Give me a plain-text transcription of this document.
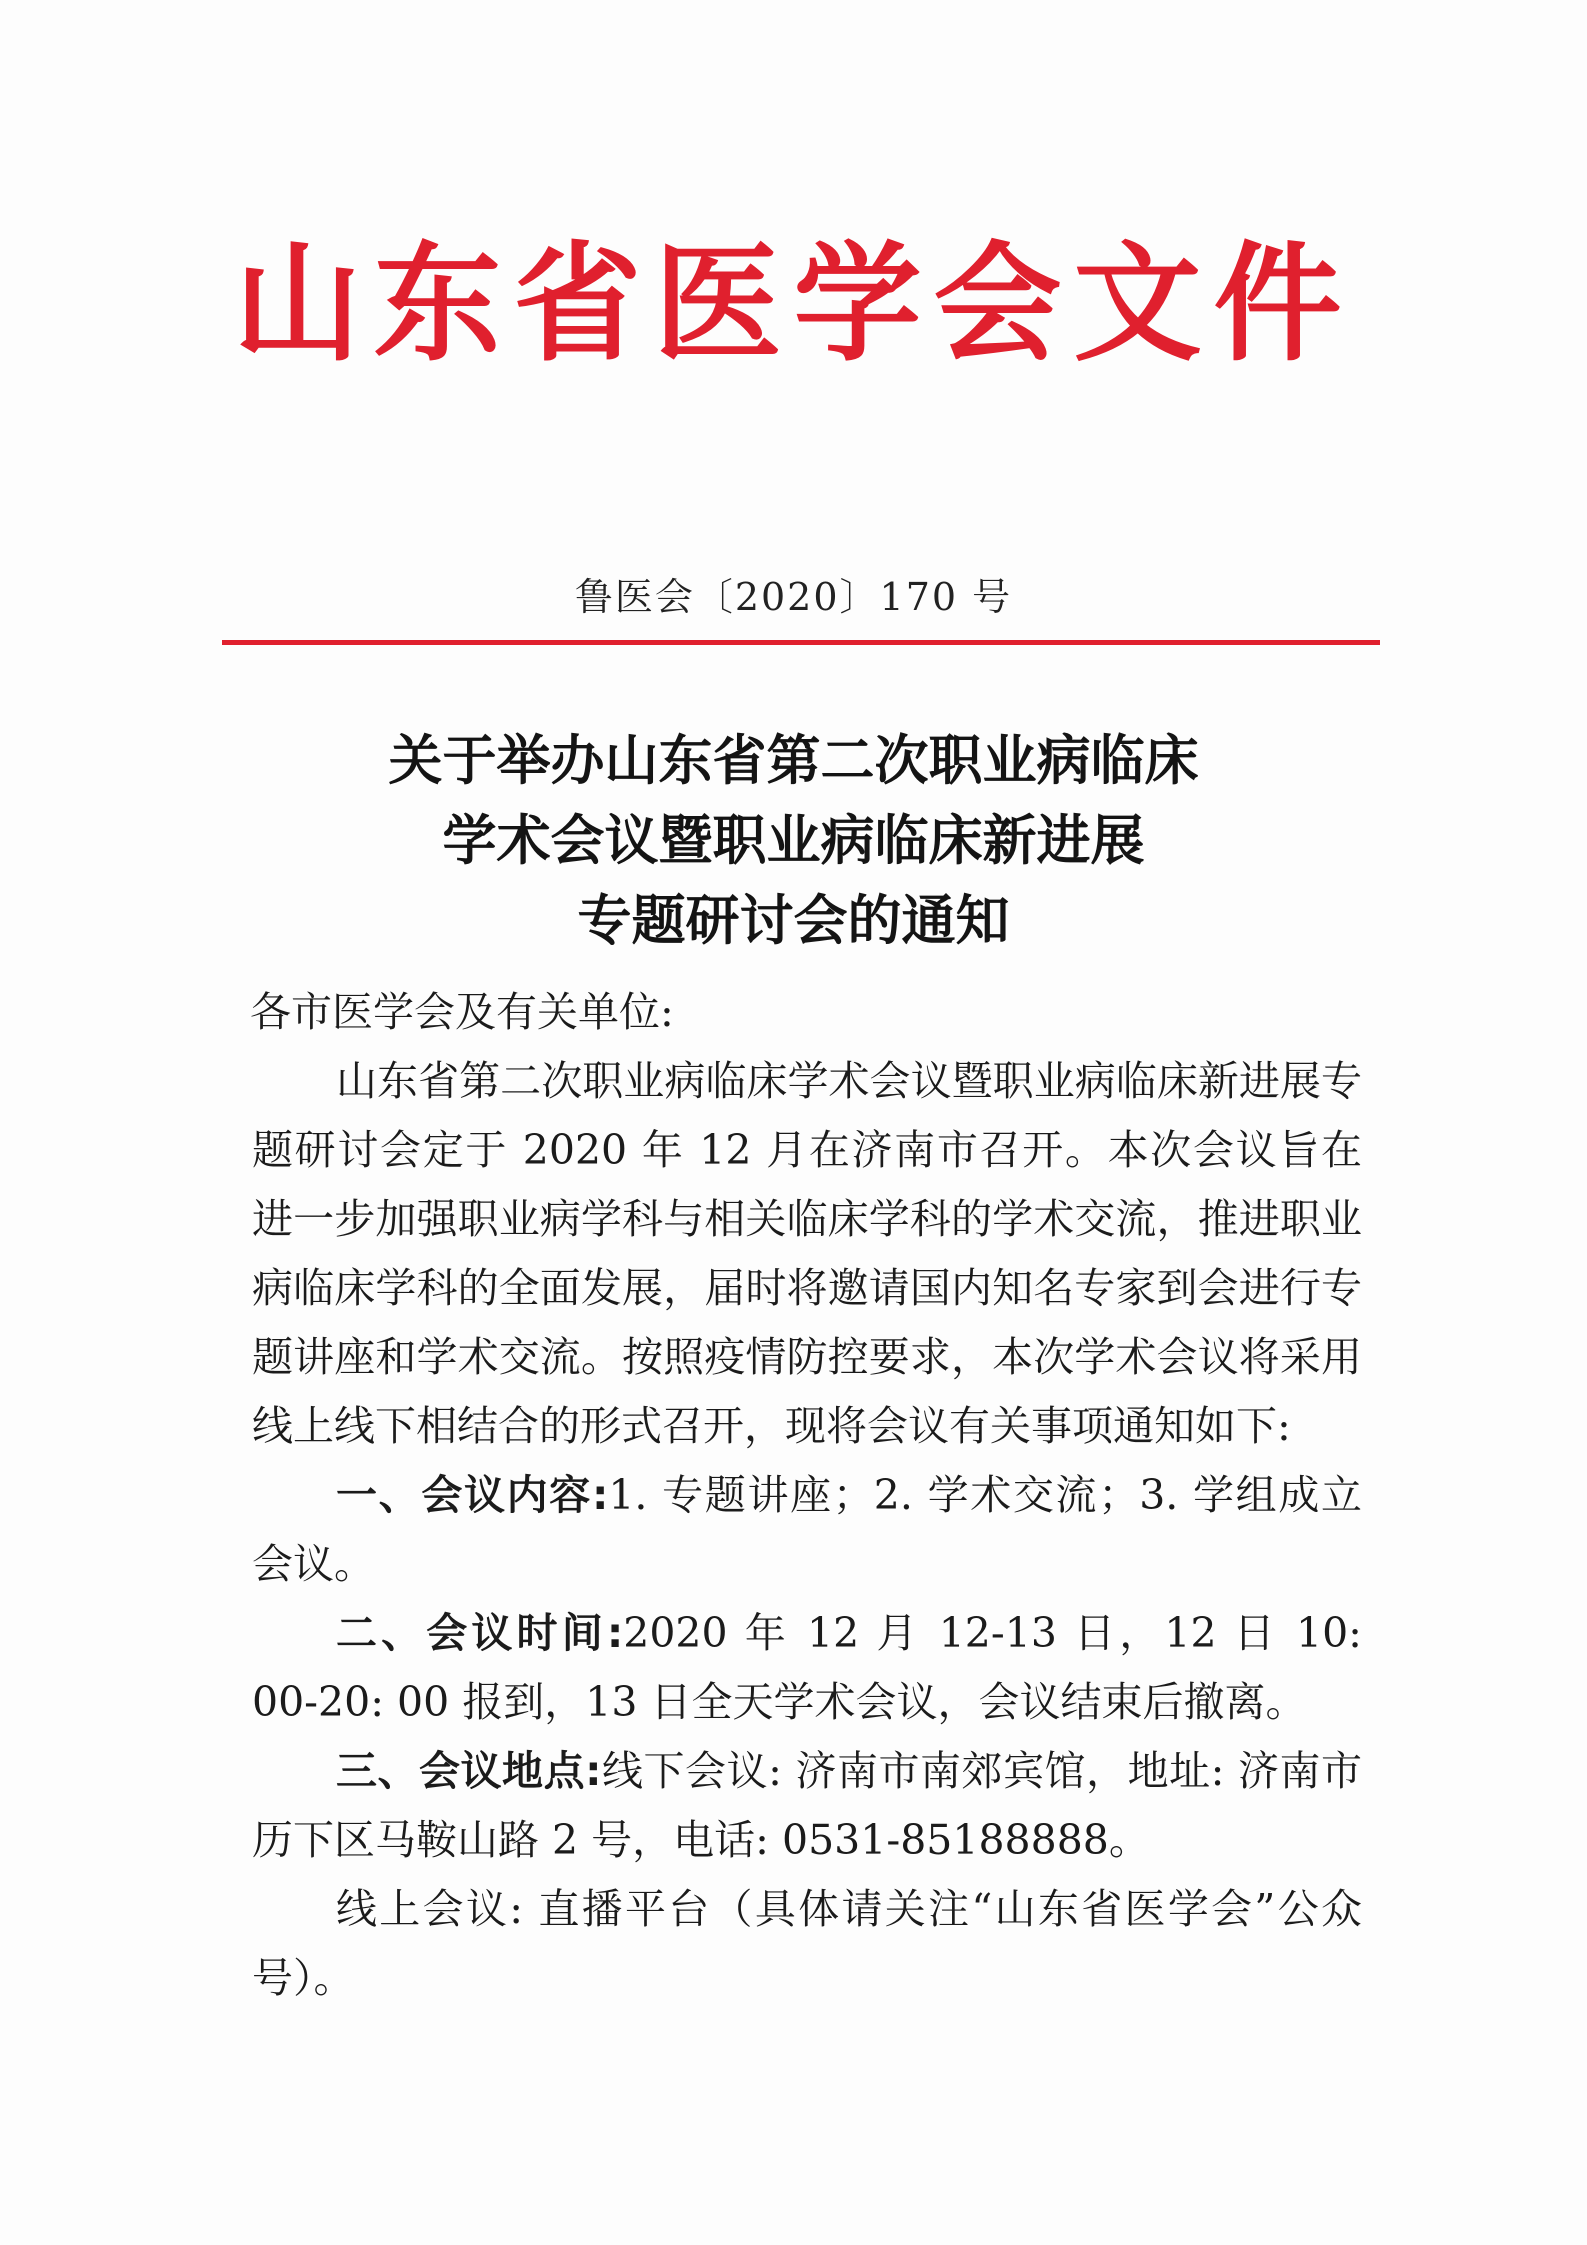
山东省医学会文件
鲁医会〔2020〕170 号
关于举办山东省第二次职业病临床
学术会议暨职业病临床新进展
专题研讨会的通知

各市医学会及有关单位:

山东省第二次职业病临床学术会议暨职业病临床新进展专题研讨会定于 2020 年 12 月在济南市召开。本次会议旨在进一步加强职业病学科与相关临床学科的学术交流，推进职业病临床学科的全面发展，届时将邀请国内知名专家到会进行专题讲座和学术交流。按照疫情防控要求，本次学术会议将采用线上线下相结合的形式召开，现将会议有关事项通知如下:

一、会议内容:1. 专题讲座；2. 学术交流；3. 学组成立会议。

二、会议时间:2020 年 12 月 12-13 日，12 日 10: 00-20: 00 报到，13 日全天学术会议，会议结束后撤离。

三、会议地点:线下会议: 济南市南郊宾馆，地址: 济南市历下区马鞍山路 2 号，电话: 0531-85188888。

线上会议: 直播平台（具体请关注“山东省医学会”公众号）。
